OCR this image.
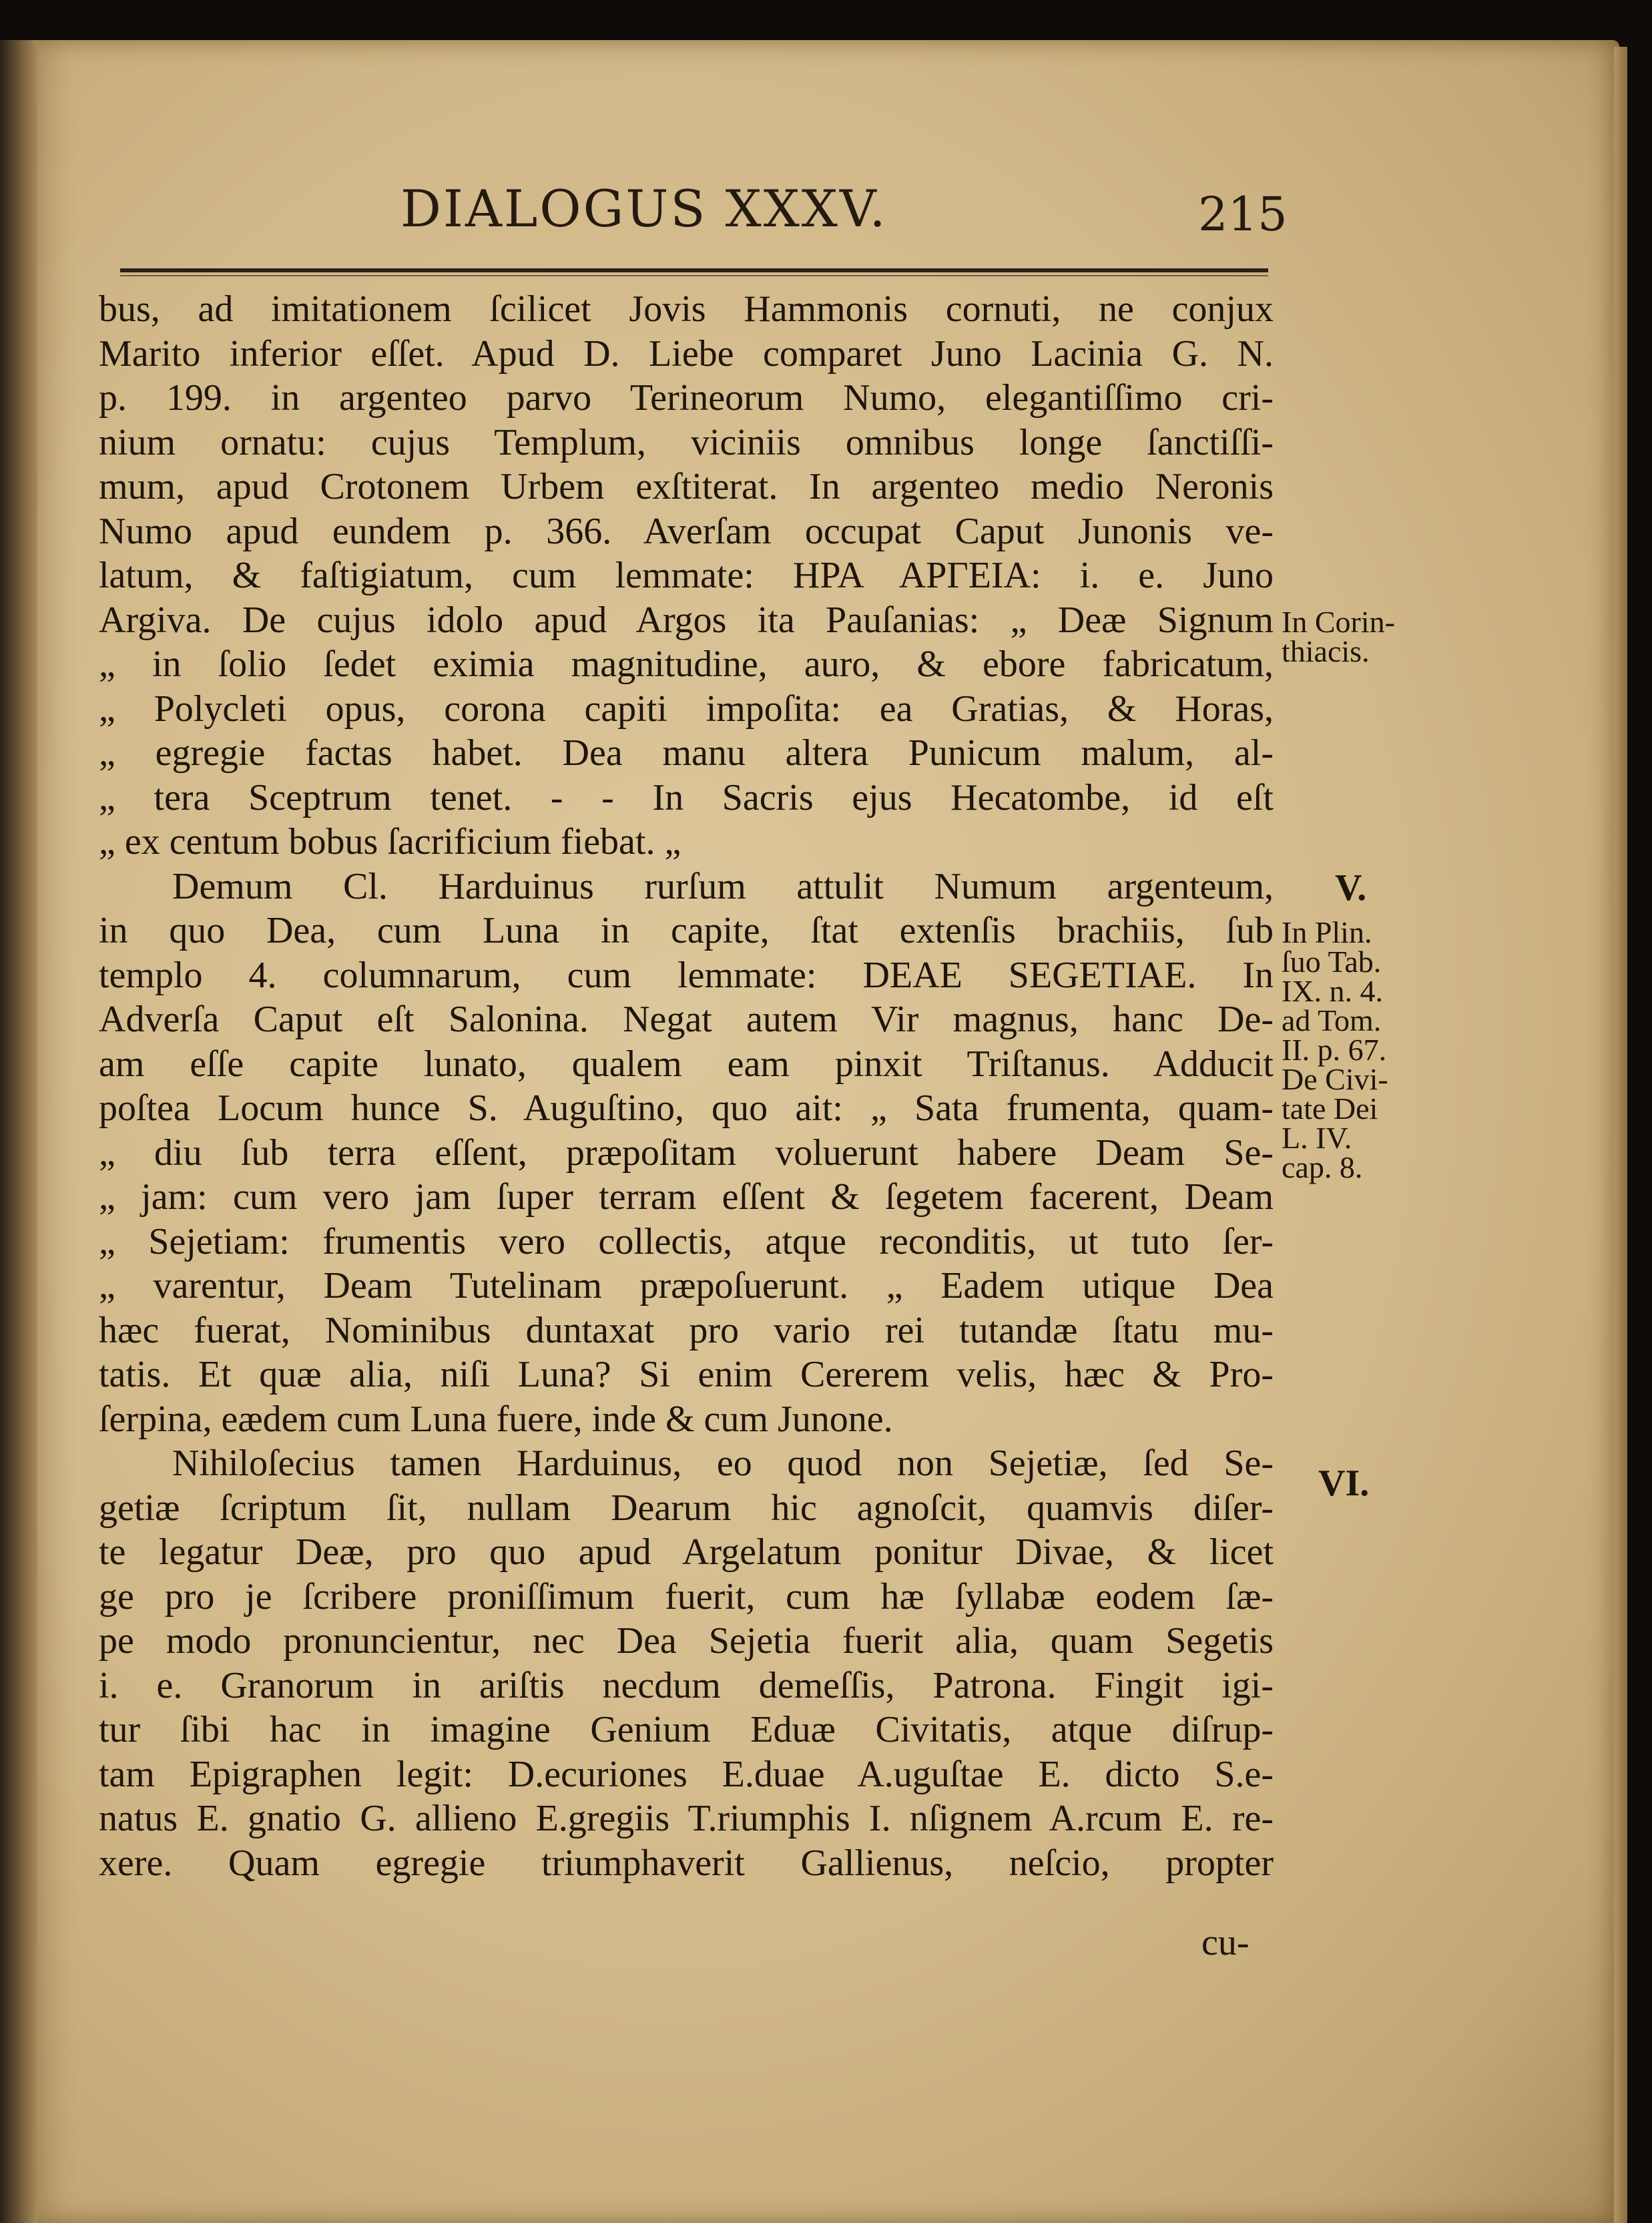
DIALOGUS XXXV.	215
bus, ad imitationem ſcilicet Jovis Hammonis cornuti, ne conjux
Marito inferior eſſet. Apud D. Liebe comparet Juno Lacinia G. N.
p. 199. in argenteo parvo Terineorum Numo, elegantiſſimo cri-
nium ornatu: cujus Templum, viciniis omnibus longe ſanctiſſi-
mum, apud Crotonem Urbem exſtiterat. In argenteo medio Neronis
Numo apud eundem p. 366. Averſam occupat Caput Junonis ve-
latum, & faſtigiatum, cum lemmate: ΗΡΑ ΑΡΓΕΙΑ: i. e. Juno
Argiva. De cujus idolo apud Argos ita Pauſanias: „ Deæ Signum
„ in ſolio ſedet eximia magnitudine, auro, & ebore fabricatum,
„ Polycleti opus, corona capiti impoſita: ea Gratias, & Horas,
„ egregie factas habet. Dea manu altera Punicum malum, al-
„ tera Sceptrum tenet. - - In Sacris ejus Hecatombe, id eſt
„ ex centum bobus ſacrificium fiebat. „
Demum Cl. Harduinus rurſum attulit Numum argenteum,
in quo Dea, cum Luna in capite, ſtat extenſis brachiis, ſub
templo 4. columnarum, cum lemmate: DEAE SEGETIAE. In
Adverſa Caput eſt Salonina. Negat autem Vir magnus, hanc De-
am eſſe capite lunato, qualem eam pinxit Triſtanus. Adducit
poſtea Locum hunce S. Auguſtino, quo ait: „ Sata frumenta, quam-
„ diu ſub terra eſſent, præpoſitam voluerunt habere Deam Se-
„ jam: cum vero jam ſuper terram eſſent & ſegetem facerent, Deam
„ Sejetiam: frumentis vero collectis, atque reconditis, ut tuto ſer-
„ varentur, Deam Tutelinam præpoſuerunt. „ Eadem utique Dea
hæc fuerat, Nominibus duntaxat pro vario rei tutandæ ſtatu mu-
tatis. Et quæ alia, niſi Luna? Si enim Cererem velis, hæc & Pro-
ſerpina, eædem cum Luna fuere, inde & cum Junone.
Nihiloſecius tamen Harduinus, eo quod non Sejetiæ, ſed Se-
getiæ ſcriptum ſit, nullam Dearum hic agnoſcit, quamvis diſer-
te legatur Deæ, pro quo apud Argelatum ponitur Divae, & licet
ge pro je ſcribere proniſſimum fuerit, cum hæ ſyllabæ eodem ſæ-
pe modo pronuncientur, nec Dea Sejetia fuerit alia, quam Segetis
i. e. Granorum in ariſtis necdum demeſſis, Patrona. Fingit igi-
tur ſibi hac in imagine Genium Eduæ Civitatis, atque diſrup-
tam Epigraphen legit: D.ecuriones E.duae A.uguſtae E. dicto S.e-
natus E. gnatio G. allieno E.gregiis T.riumphis I. nſignem A.rcum E. re-
xere. Quam egregie triumphaverit Gallienus, neſcio, propter
In Corin-
thiacis.
V.
In Plin.
ſuo Tab.
IX. n. 4.
ad Tom.
II. p. 67.
De Civi-
tate Dei
L. IV.
cap. 8.
VI.
cu-
